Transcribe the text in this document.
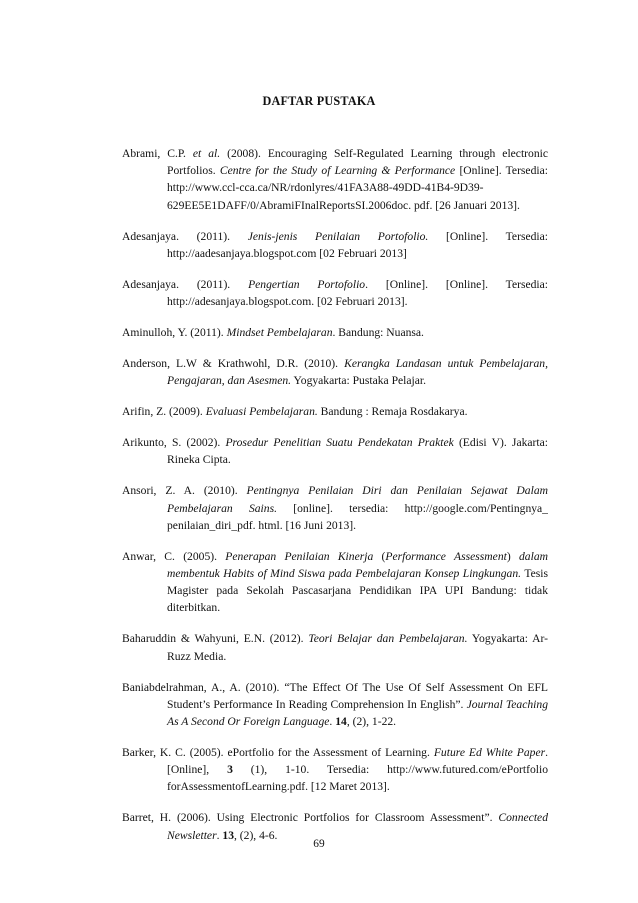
DAFTAR PUSTAKA
Abrami, C.P. et al. (2008). Encouraging Self-Regulated Learning through electronic Portfolios. Centre for the Study of Learning & Performance [Online]. Tersedia: http://www.ccl-cca.ca/NR/rdonlyres/41FA3A88-49DD-41B4-9D39-629EE5E1DAFF/0/AbramiFInalReportsSI.2006doc. pdf. [26 Januari 2013].
Adesanjaya. (2011). Jenis-jenis Penilaian Portofolio. [Online]. Tersedia: http://aadesanjaya.blogspot.com [02 Februari 2013]
Adesanjaya. (2011). Pengertian Portofolio. [Online]. [Online]. Tersedia: http://adesanjaya.blogspot.com. [02 Februari 2013].
Aminulloh, Y. (2011). Mindset Pembelajaran. Bandung: Nuansa.
Anderson, L.W & Krathwohl, D.R. (2010). Kerangka Landasan untuk Pembelajaran, Pengajaran, dan Asesmen. Yogyakarta: Pustaka Pelajar.
Arifin, Z. (2009). Evaluasi Pembelajaran. Bandung : Remaja Rosdakarya.
Arikunto, S. (2002). Prosedur Penelitian Suatu Pendekatan Praktek (Edisi V). Jakarta: Rineka Cipta.
Ansori, Z. A. (2010). Pentingnya Penilaian Diri dan Penilaian Sejawat Dalam Pembelajaran Sains. [online]. tersedia: http://google.com/Pentingnya_ penilaian_diri_pdf. html. [16 Juni 2013].
Anwar, C. (2005). Penerapan Penilaian Kinerja (Performance Assessment) dalam membentuk Habits of Mind Siswa pada Pembelajaran Konsep Lingkungan. Tesis Magister pada Sekolah Pascasarjana Pendidikan IPA UPI Bandung: tidak diterbitkan.
Baharuddin & Wahyuni, E.N. (2012). Teori Belajar dan Pembelajaran. Yogyakarta: Ar-Ruzz Media.
Baniabdelrahman, A., A. (2010). “The Effect Of The Use Of Self Assessment On EFL Student’s Performance In Reading Comprehension In English”. Journal Teaching As A Second Or Foreign Language. 14, (2), 1-22.
Barker, K. C. (2005). ePortfolio for the Assessment of Learning. Future Ed White Paper. [Online], 3 (1), 1-10. Tersedia: http://www.futured.com/ePortfolio forAssessmentofLearning.pdf. [12 Maret 2013].
Barret, H. (2006). Using Electronic Portfolios for Classroom Assessment”. Connected Newsletter. 13, (2), 4-6.
69
